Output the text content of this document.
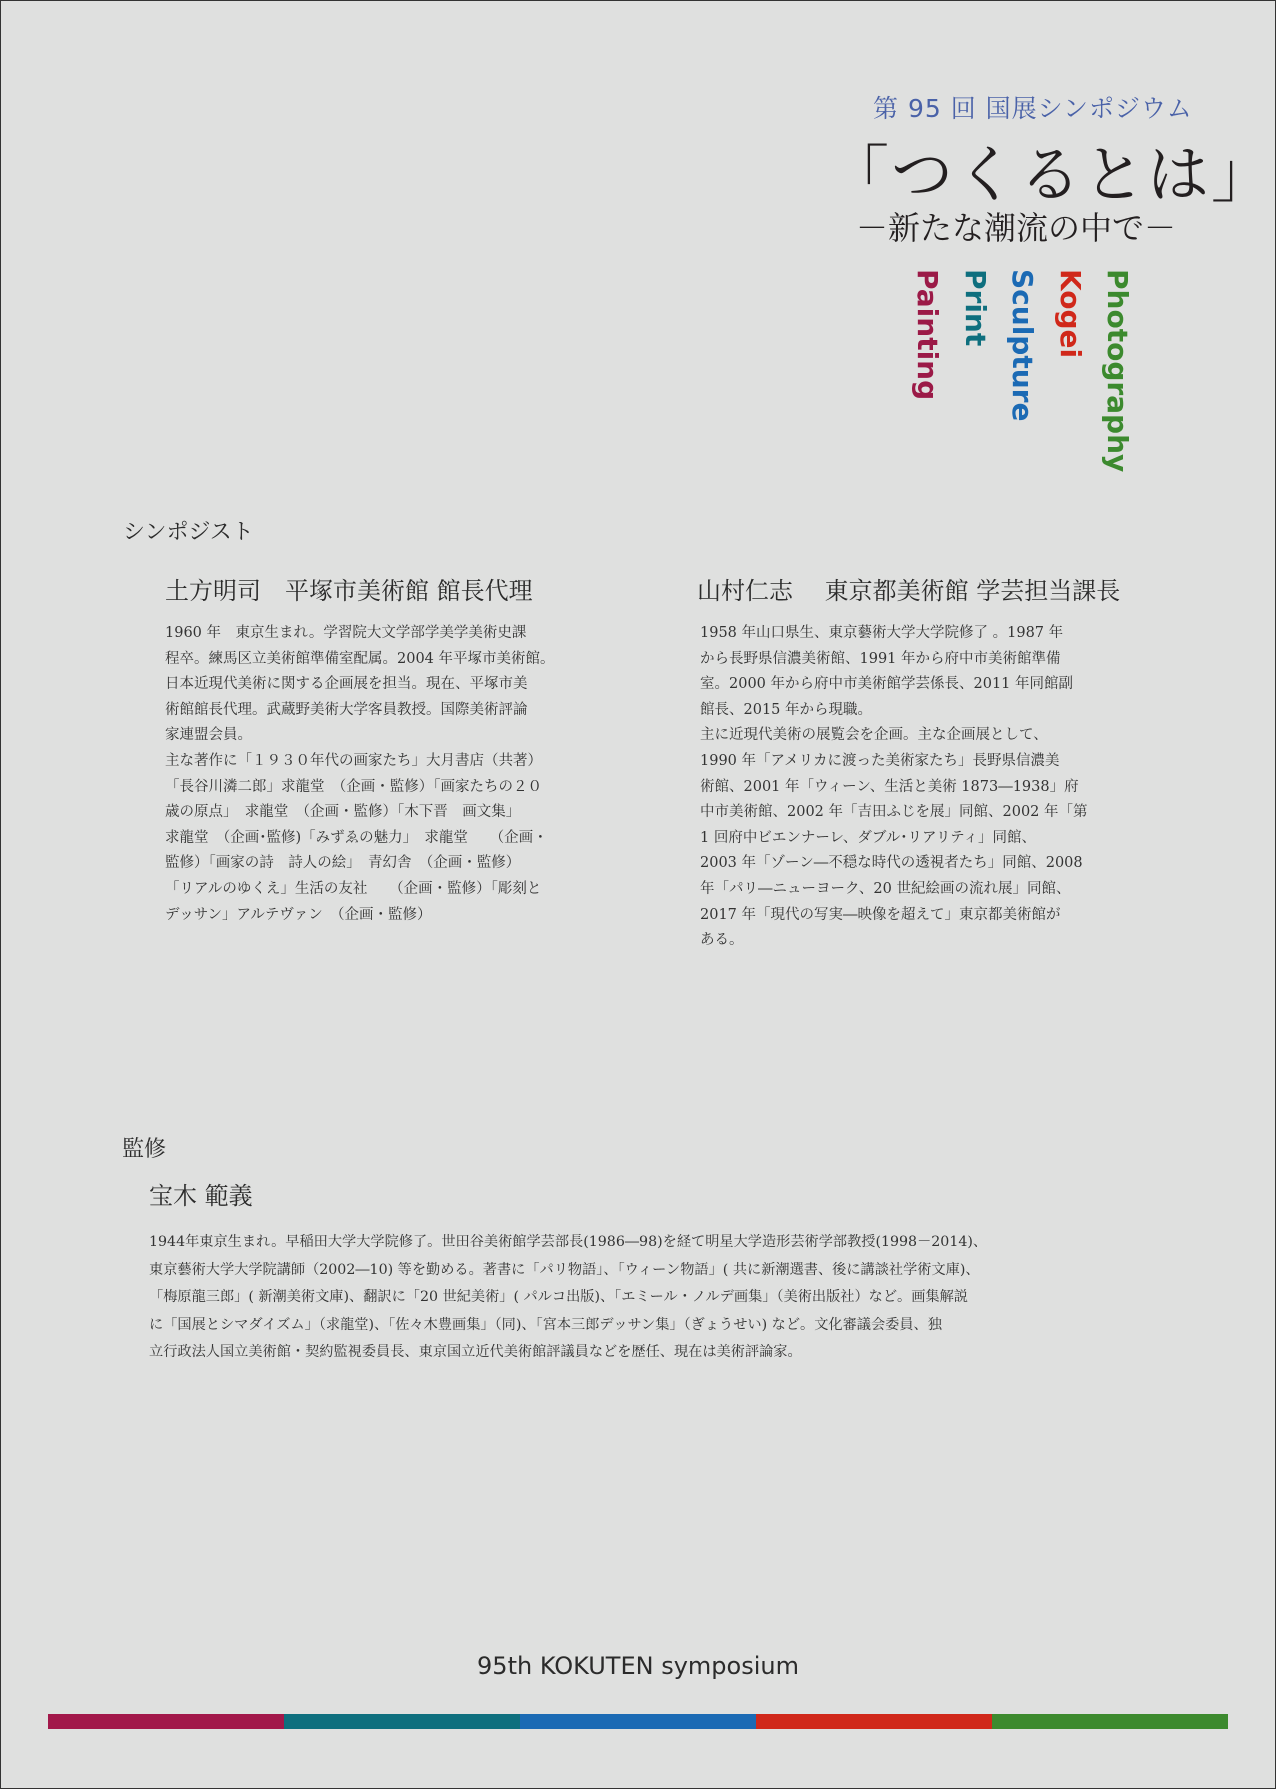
第 95 回 国展シンポジウム
「つくるとは」
－新たな潮流の中で－
Photography
Kogei
Sculpture
Print
Painting
シンポジスト
土方明司　平塚市美術館 館長代理

1960 年　東京生まれ。学習院大文学部学美学美術史課

程卒。練馬区立美術館準備室配属。2004 年平塚市美術館。

日本近現代美術に関する企画展を担当。現在、平塚市美

術館館長代理。武蔵野美術大学客員教授。国際美術評論

家連盟会員。

主な著作に「１９３０年代の画家たち」大月書店（共著）

「長谷川潾二郎」求龍堂　（企画・監修）「画家たちの２０

歳の原点」　求龍堂　（企画・監修）「木下晋　画文集」

求龍堂　（企画･監修)「みずゑの魅力」　求龍堂　　（企画・

監修）「画家の詩　詩人の絵」　青幻舎　（企画・監修）

「リアルのゆくえ」生活の友社　　（企画・監修）「彫刻と

デッサン」アルテヴァン　（企画・監修）

山村仁志　 東京都美術館 学芸担当課長

1958 年山口県生、東京藝術大学大学院修了 。1987 年

から長野県信濃美術館、1991 年から府中市美術館準備

室。2000 年から府中市美術館学芸係長、2011 年同館副

館長、2015 年から現職。

主に近現代美術の展覧会を企画。主な企画展として、

1990 年「アメリカに渡った美術家たち」長野県信濃美

術館、2001 年「ウィーン、生活と美術 1873―1938」府

中市美術館、2002 年「吉田ふじを展」同館、2002 年「第

1 回府中ビエンナーレ、ダブル･リアリティ」同館、

2003 年「ゾーン―不穏な時代の透視者たち」同館、2008

年「パリ―ニューヨーク、20 世紀絵画の流れ展」同館、

2017 年「現代の写実―映像を超えて」東京都美術館が

ある。

監修
宝木 範義

1944年東京生まれ。早稲田大学大学院修了。世田谷美術館学芸部長(1986―98)を経て明星大学造形芸術学部教授(1998－2014)、

東京藝術大学大学院講師（2002―10) 等を勤める。著書に「パリ物語」、「ウィーン物語」( 共に新潮選書、後に講談社学術文庫)、

「梅原龍三郎」( 新潮美術文庫)、翻訳に「20 世紀美術」( パルコ出版)、「エミール・ノルデ画集」（美術出版社）など。画集解説

に「国展とシマダイズム」（求龍堂)、「佐々木豊画集」（同)、「宮本三郎デッサン集」（ぎょうせい) など。文化審議会委員、独

立行政法人国立美術館・契約監視委員長、東京国立近代美術館評議員などを歴任、現在は美術評論家。

95th KOKUTEN symposium
